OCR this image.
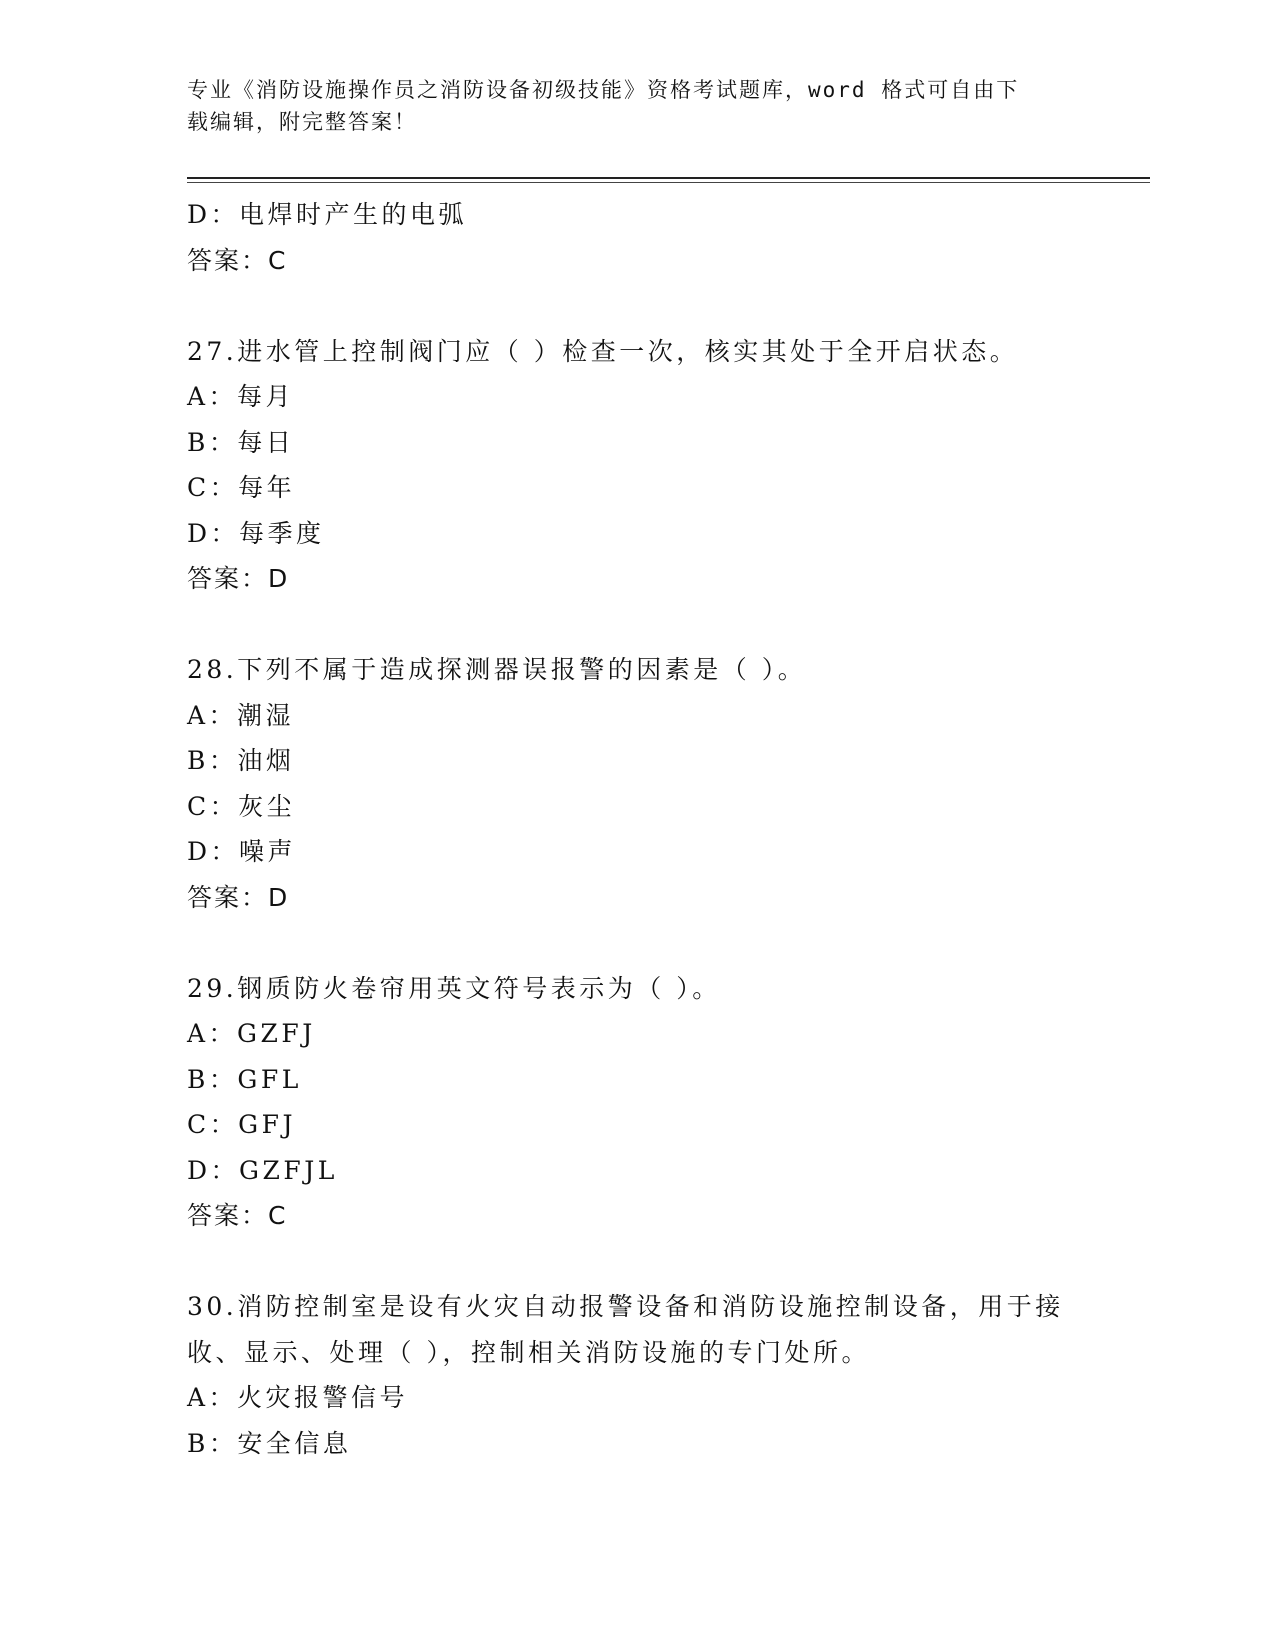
专业《消防设施操作员之消防设备初级技能》资格考试题库，word 格式可自由下
载编辑，附完整答案！
D：电焊时产生的电弧
答案：C
27.进水管上控制阀门应（ ）检查一次，核实其处于全开启状态。
A：每月
B：每日
C：每年
D：每季度
答案：D
28.下列不属于造成探测器误报警的因素是（ ）。
A：潮湿
B：油烟
C：灰尘
D：噪声
答案：D
29.钢质防火卷帘用英文符号表示为（ ）。
A：GZFJ
B：GFL
C：GFJ
D：GZFJL
答案：C
30.消防控制室是设有火灾自动报警设备和消防设施控制设备，用于接
收、显示、处理（ ），控制相关消防设施的专门处所。
A：火灾报警信号
B：安全信息
